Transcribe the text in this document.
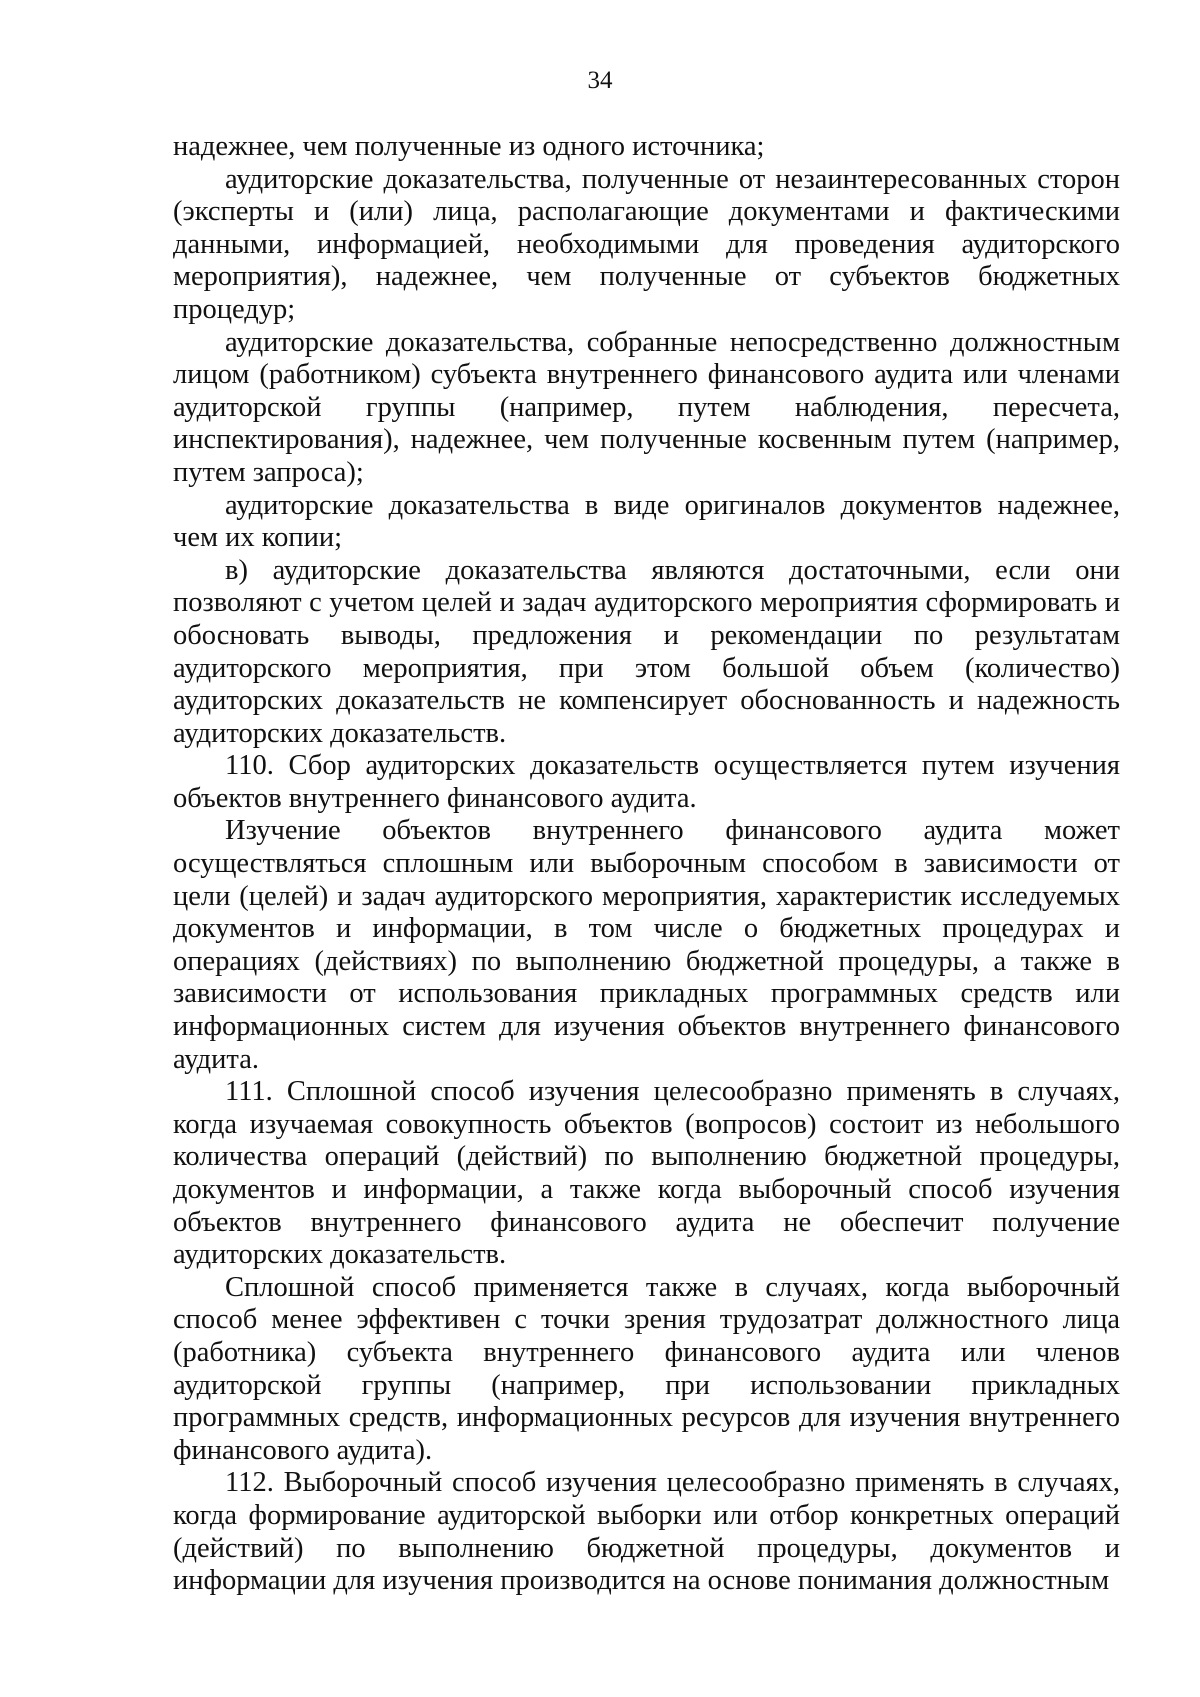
34

надежнее, чем полученные из одного источника;

аудиторские доказательства, полученные от незаинтересованных сторон (эксперты и (или) лица, располагающие документами и фактическими данными, информацией, необходимыми для проведения аудиторского мероприятия), надежнее, чем полученные от субъектов бюджетных процедур;

аудиторские доказательства, собранные непосредственно должностным лицом (работником) субъекта внутреннего финансового аудита или членами аудиторской группы (например, путем наблюдения, пересчета, инспектирования), надежнее, чем полученные косвенным путем (например, путем запроса);

аудиторские доказательства в виде оригиналов документов надежнее, чем их копии;

в) аудиторские доказательства являются достаточными, если они позволяют с учетом целей и задач аудиторского мероприятия сформировать и обосновать выводы, предложения и рекомендации по результатам аудиторского мероприятия, при этом большой объем (количество) аудиторских доказательств не компенсирует обоснованность и надежность аудиторских доказательств.

110. Сбор аудиторских доказательств осуществляется путем изучения объектов внутреннего финансового аудита.

Изучение объектов внутреннего финансового аудита может осуществляться сплошным или выборочным способом в зависимости от цели (целей) и задач аудиторского мероприятия, характеристик исследуемых документов и информации, в том числе о бюджетных процедурах и операциях (действиях) по выполнению бюджетной процедуры, а также в зависимости от использования прикладных программных средств или информационных систем для изучения объектов внутреннего финансового аудита.

111. Сплошной способ изучения целесообразно применять в случаях, когда изучаемая совокупность объектов (вопросов) состоит из небольшого количества операций (действий) по выполнению бюджетной процедуры, документов и информации, а также когда выборочный способ изучения объектов внутреннего финансового аудита не обеспечит получение аудиторских доказательств.

Сплошной способ применяется также в случаях, когда выборочный способ менее эффективен с точки зрения трудозатрат должностного лица (работника) субъекта внутреннего финансового аудита или членов аудиторской группы (например, при использовании прикладных программных средств, информационных ресурсов для изучения внутреннего финансового аудита).

112. Выборочный способ изучения целесообразно применять в случаях, когда формирование аудиторской выборки или отбор конкретных операций (действий) по выполнению бюджетной процедуры, документов и информации для изучения производится на основе понимания должностным
